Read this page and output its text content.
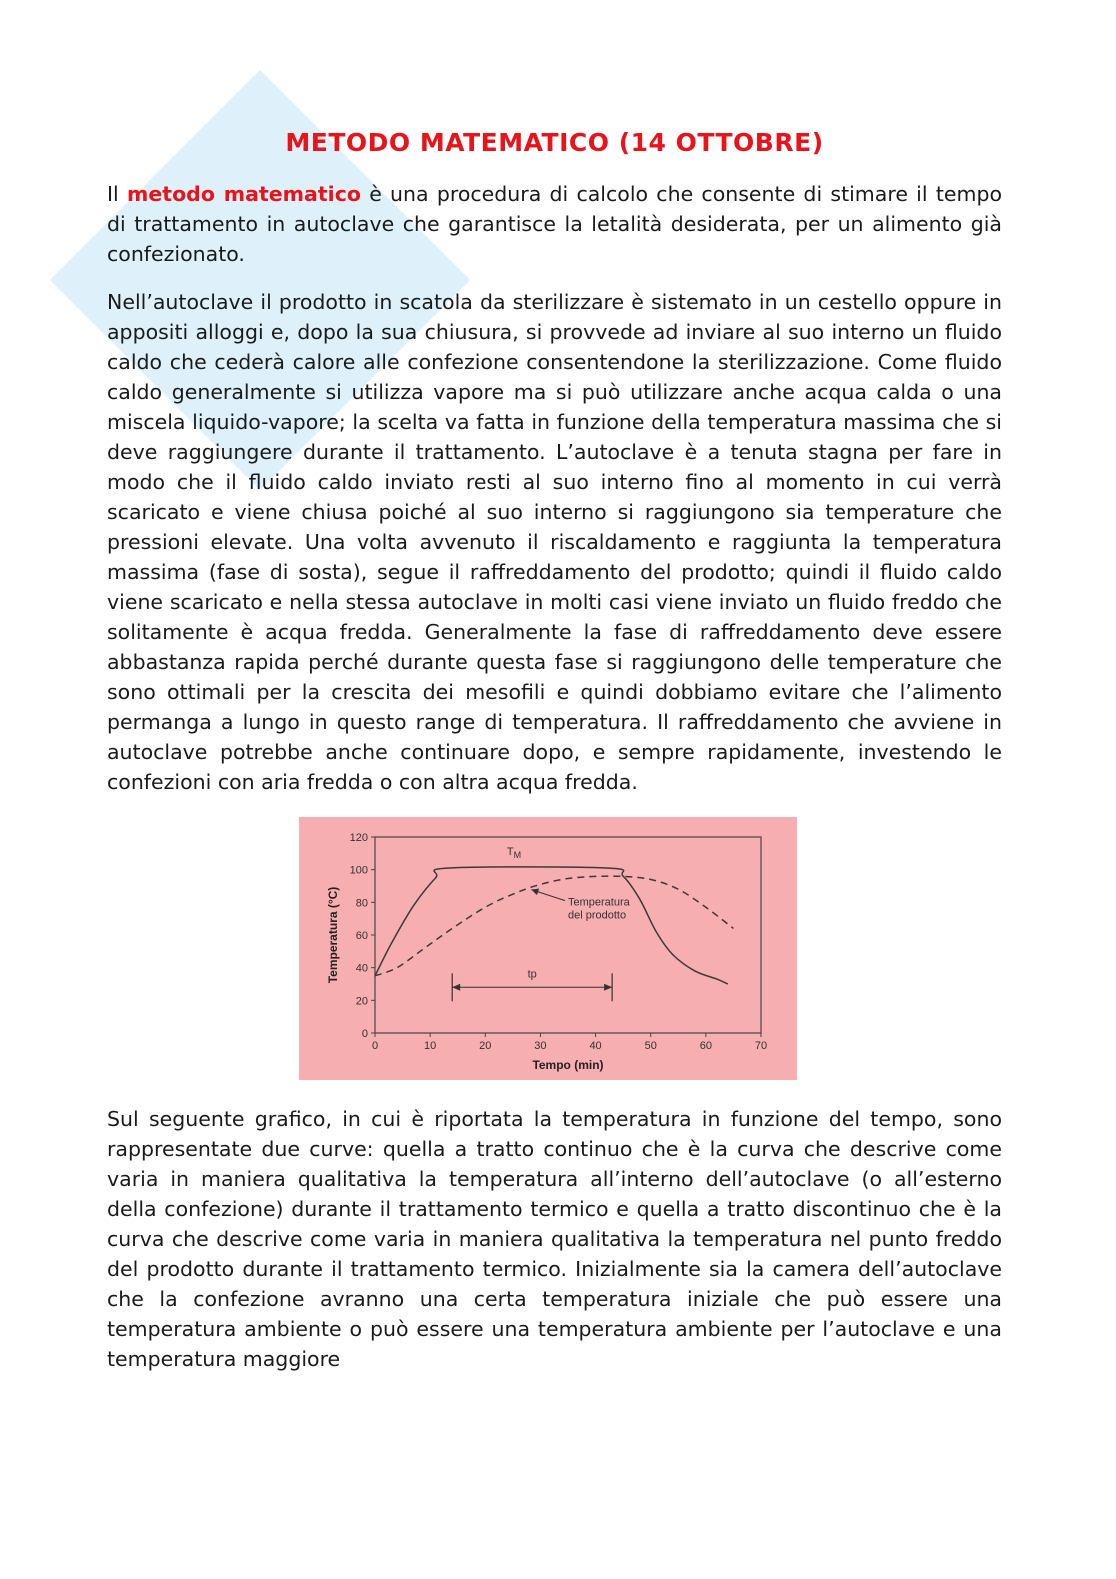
METODO MATEMATICO (14 OTTOBRE)

Il metodo matematico è una procedura di calcolo che consente di stimare il tempo di trattamento in autoclave che garantisce la letalità desiderata, per un alimento già confezionato.

Nell’autoclave il prodotto in scatola da sterilizzare è sistemato in un cestello oppure in appositi alloggi e, dopo la sua chiusura, si provvede ad inviare al suo interno un fluido caldo che cederà calore alle confezione consentendone la sterilizzazione. Come fluido caldo generalmente si utilizza vapore ma si può utilizzare anche acqua calda o una miscela liquido-vapore; la scelta va fatta in funzione della temperatura massima che si deve raggiungere durante il trattamento. L’autoclave è a tenuta stagna per fare in modo che il fluido caldo inviato resti al suo interno fino al momento in cui verrà scaricato e viene chiusa poiché al suo interno si raggiungono sia temperature che pressioni elevate. Una volta avvenuto il riscaldamento e raggiunta la temperatura massima (fase di sosta), segue il raffreddamento del prodotto; quindi il fluido caldo viene scaricato e nella stessa autoclave in molti casi viene inviato un fluido freddo che solitamente è acqua fredda. Generalmente la fase di raffreddamento deve essere abbastanza rapida perché durante questa fase si raggiungono delle temperature che sono ottimali per la crescita dei mesofili e quindi dobbiamo evitare che l’alimento permanga a lungo in questo range di temperatura. Il raffreddamento che avviene in autoclave potrebbe anche continuare dopo, e sempre rapidamente, investendo le confezioni con aria fredda o con altra acqua fredda.

0
20
40
60
80
100
120
0	10	20	30	40	50	60	70
Temperatura (°C)
Tempo (min)
$T_M$
Temperatura
del prodotto
tp

Sul seguente grafico, in cui è riportata la temperatura in funzione del tempo, sono rappresentate due curve: quella a tratto continuo che è la curva che descrive come varia in maniera qualitativa la temperatura all’interno dell’autoclave (o all’esterno della confezione) durante il trattamento termico e quella a tratto discontinuo che è la curva che descrive come varia in maniera qualitativa la temperatura nel punto freddo del prodotto durante il trattamento termico. Inizialmente sia la camera dell’autoclave che la confezione avranno una certa temperatura iniziale che può essere una temperatura ambiente o può essere una temperatura ambiente per l’autoclave e una temperatura maggiore
